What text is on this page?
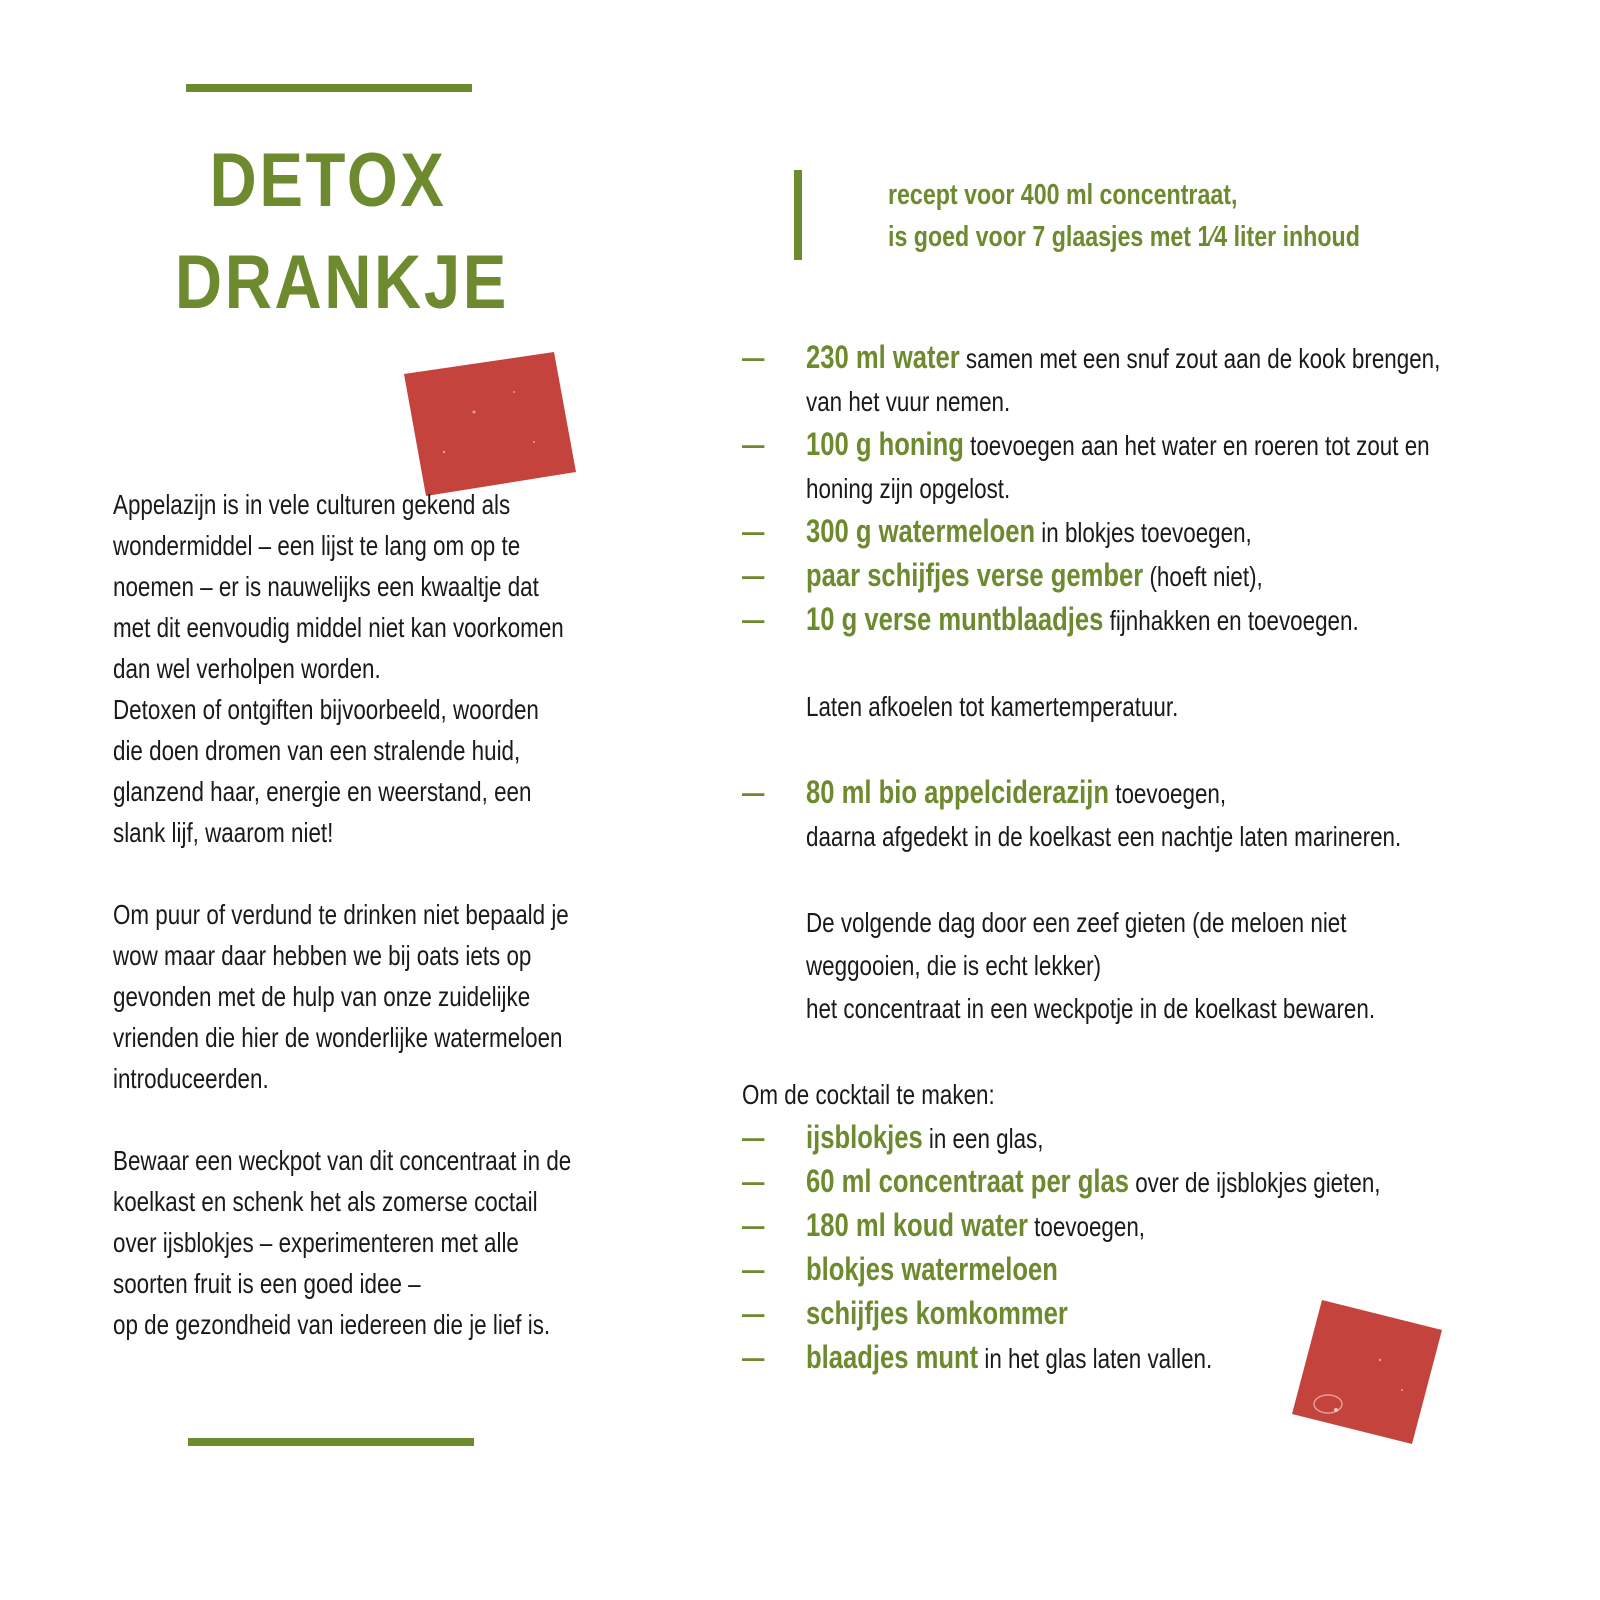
DETOX
DRANKJE

Appelazijn is in vele culturen gekend als
wondermiddel – een lijst te lang om op te
noemen – er is nauwelijks een kwaaltje dat
met dit eenvoudig middel niet kan voorkomen
dan wel verholpen worden.
Detoxen of ontgiften bijvoorbeeld, woorden
die doen dromen van een stralende huid,
glanzend haar, energie en weerstand, een
slank lijf, waarom niet!

Om puur of verdund te drinken niet bepaald je
wow maar daar hebben we bij oats iets op
gevonden met de hulp van onze zuidelijke
vrienden die hier de wonderlijke watermeloen
introduceerden.

Bewaar een weckpot van dit concentraat in de
koelkast en schenk het als zomerse coctail
over ijsblokjes – experimenteren met alle
soorten fruit is een goed idee –
op de gezondheid van iedereen die je lief is.

recept voor 400 ml concentraat,
is goed voor 7 glaasjes met 1⁄4 liter inhoud
— 230 ml water samen met een snuf zout aan de kook brengen,
van het vuur nemen.
— 100 g honing toevoegen aan het water en roeren tot zout en
honing zijn opgelost.
— 300 g watermeloen in blokjes toevoegen,
— paar schijfjes verse gember (hoeft niet),
— 10 g verse muntblaadjes fijnhakken en toevoegen.
Laten afkoelen tot kamertemperatuur.
— 80 ml bio appelciderazijn toevoegen,
daarna afgedekt in de koelkast een nachtje laten marineren.
De volgende dag door een zeef gieten (de meloen niet
weggooien, die is echt lekker)
het concentraat in een weckpotje in de koelkast bewaren.
Om de cocktail te maken:
— ijsblokjes in een glas,
— 60 ml concentraat per glas over de ijsblokjes gieten,
— 180 ml koud water toevoegen,
— blokjes watermeloen
— schijfjes komkommer
— blaadjes munt in het glas laten vallen.
